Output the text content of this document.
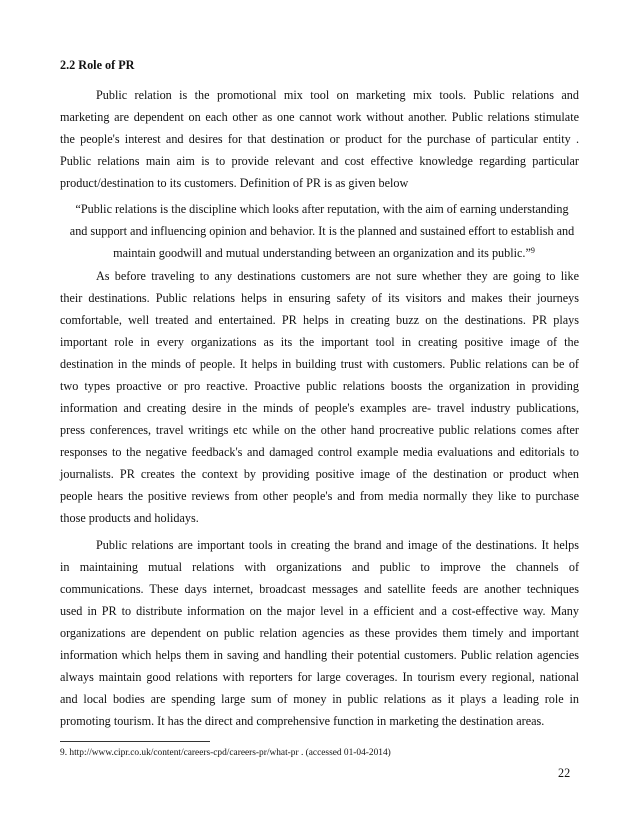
2.2 Role of PR
Public relation is the promotional mix tool on marketing mix tools. Public relations and
marketing are dependent on each other as one cannot work without another. Public relations stimulate
the people's interest and desires for that destination or product for the purchase of particular entity .
Public relations main aim is to provide relevant and cost effective knowledge regarding particular
product/destination to its customers. Definition of PR is as given below
“Public relations is the discipline which looks after reputation, with the aim of earning understanding
and support and influencing opinion and behavior. It is the planned and sustained effort to establish and
maintain goodwill and mutual understanding between an organization and its public.”$^9$
As before traveling to any destinations customers are not sure whether they are going to like
their destinations. Public relations helps in ensuring safety of its visitors and makes their journeys
comfortable, well treated and entertained. PR helps in creating buzz on the destinations. PR plays
important role in every organizations as its the important tool in creating positive image of the
destination in the minds of people. It helps in building trust with customers. Public relations can be of
two types proactive or pro reactive. Proactive public relations boosts the organization in providing
information and creating desire in the minds of people's examples are- travel industry publications,
press conferences, travel writings etc while on the other hand procreative public relations comes after
responses to the negative feedback's and damaged control example media evaluations and editorials to
journalists. PR creates the context by providing positive image of the destination or product when
people hears the positive reviews from other people's and from media normally they like to purchase
those products and holidays.
Public relations are important tools in creating the brand and image of the destinations. It helps
in maintaining mutual relations with organizations and public to improve the channels of
communications. These days internet, broadcast messages and satellite feeds are another techniques
used in PR to distribute information on the major level in a efficient and a cost-effective way. Many
organizations are dependent on public relation agencies as these provides them timely and important
information which helps them in saving and handling their potential customers. Public relation agencies
always maintain good relations with reporters for large coverages. In tourism every regional, national
and local bodies are spending large sum of money in public relations as it plays a leading role in
promoting tourism. It has the direct and comprehensive function in marketing the destination areas.
9. http://www.cipr.co.uk/content/careers-cpd/careers-pr/what-pr . (accessed 01-04-2014)
22
